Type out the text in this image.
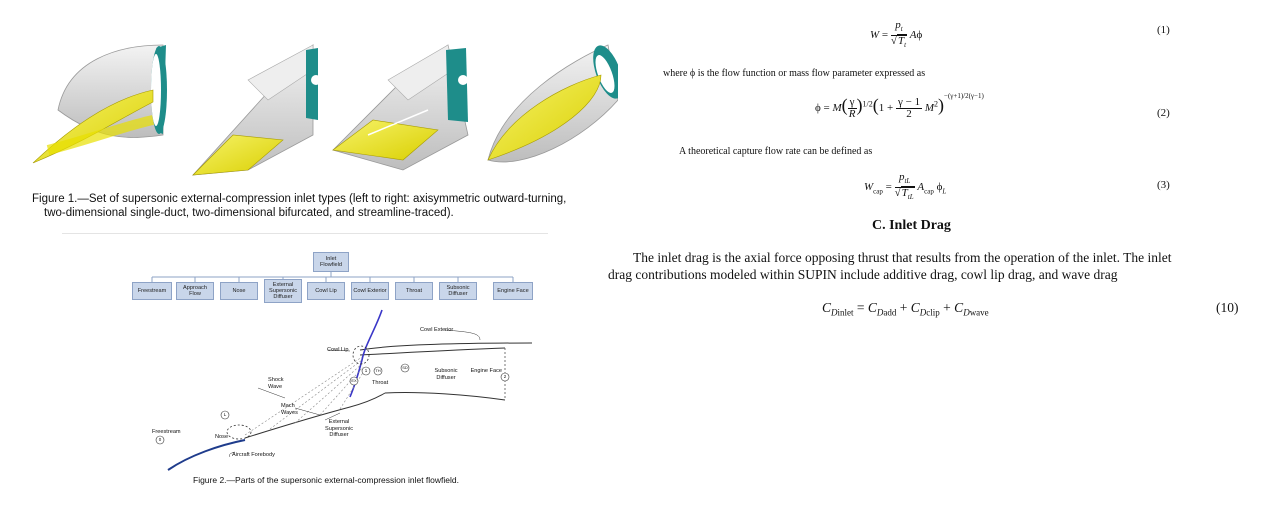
Figure 1.—Set of supersonic external-compression inlet types (left to right: axisymmetric outward-turning,
two-dimensional single-duct, two-dimensional bifurcated, and streamline-traced).
Inlet Flowfield
Freestream
Approach Flow
Nose
External Supersonic Diffuser
Cowl Lip	Cowl Exterior	Throat
Subsonic Diffuser
Engine Face
Cowl Exterior
Cowl Lip
Shock Wave
Mach Waves
Freestream
Nose
Aircraft Forebody
External Supersonic Diffuser
Throat
Subsonic Diffuser
Engine Face
0
L
1
EX
TH
SD
2
Figure 2.—Parts of the supersonic external-compression inlet flowfield.
$W = \frac{p_t}{√T_t}$ Aϕ	(1)
where ϕ is the flow function or mass flow parameter expressed as
$\phi = M( \frac{\gamma}{R} )^{1/2}(1 + \frac{\gamma - 1}{2} M^2)^{-(\gamma+1)/2(\gamma-1)}$
(2)
A theoretical capture flow rate can be defined as
$W_{cap} = \frac{p_{tL}}{√T_{tL}} A_{cap}$ $\phi_L$
(3)
C. Inlet Drag
The inlet drag is the axial force opposing thrust that results from the operation of the inlet. The inlet
drag contributions modeled within SUPIN include additive drag, cowl lip drag, and wave drag
$C_{Dinlet} = C_{Dadd} + C_{Dclip} + C_{Dwave}$	(10)
